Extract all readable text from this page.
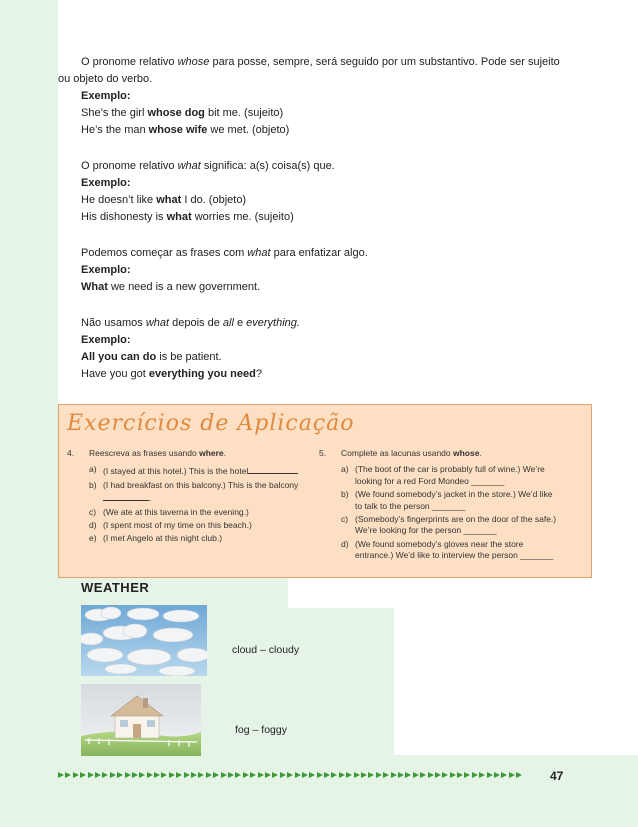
O pronome relativo whose para posse, sempre, será seguido por um substantivo. Pode ser sujeito
ou objeto do verbo.
Exemplo:
She’s the girl whose dog bit me. (sujeito)
He’s the man whose wife we met. (objeto)
O pronome relativo what significa: a(s) coisa(s) que.
Exemplo:
He doesn’t like what I do. (objeto)
His dishonesty is what worries me. (sujeito)
Podemos começar as frases com what para enfatizar algo.
Exemplo:
What we need is a new government.
Não usamos what depois de all e everything.
Exemplo:
All you can do is be patient.
Have you got everything you need?
Exercícios de Aplicação
4.	Reescreva as frases usando where.
a) (I stayed at this hotel.) This is the hotel
b) (I had breakfast on this balcony.) This is the balcony.
c) (We ate at this taverna in the evening.)
d) (I spent most of my time on this beach.)
e) (I met Angelo at this night club.)
5.	Complete as lacunas usando whose.
a) (The boot of the car is probably full of wine.) We’re looking for a red Ford Mondeo _______
b) (We found somebody’s jacket in the store.) We’d like to talk to the person _______
c) (Somebody’s fingerprints are on the door of the safe.) We’re looking for the person _______
d) (We found somebody’s gloves near the store entrance.) We’d like to interview the person _______
WEATHER
cloud – cloudy
fog – foggy
47
